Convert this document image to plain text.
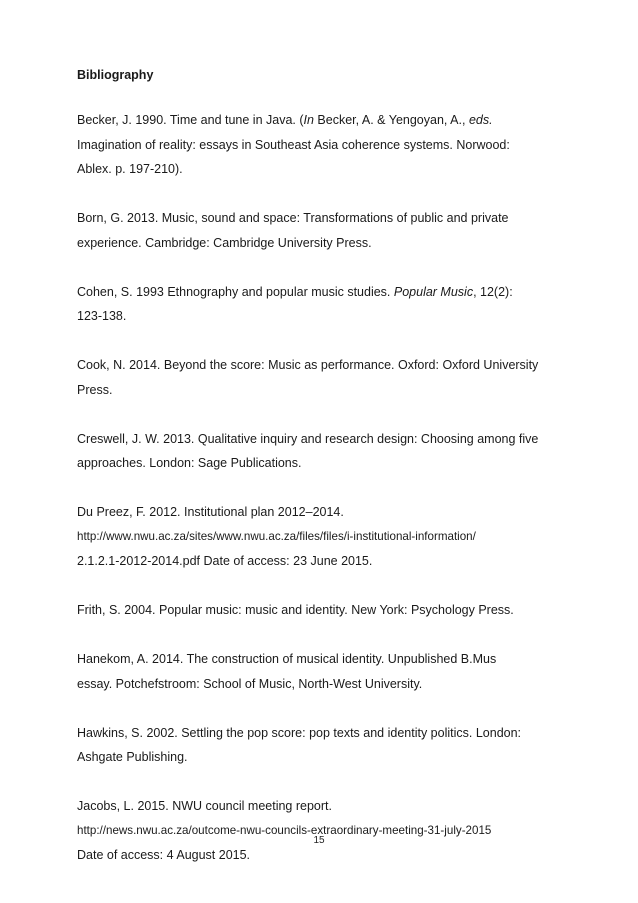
Bibliography
Becker, J. 1990. Time and tune in Java. (In Becker, A. & Yengoyan, A., eds.
Imagination of reality: essays in Southeast Asia coherence systems. Norwood:
Ablex. p. 197-210).
Born, G. 2013. Music, sound and space: Transformations of public and private
experience. Cambridge: Cambridge University Press.
Cohen, S. 1993 Ethnography and popular music studies. Popular Music, 12(2):
123-138.
Cook, N. 2014. Beyond the score: Music as performance. Oxford: Oxford University
Press.
Creswell, J. W. 2013. Qualitative inquiry and research design: Choosing among five
approaches. London: Sage Publications.
Du Preez, F. 2012. Institutional plan 2012–2014.
http://www.nwu.ac.za/sites/www.nwu.ac.za/files/files/i-institutional-information/
2.1.2.1-2012-2014.pdf Date of access: 23 June 2015.
Frith, S. 2004. Popular music: music and identity. New York: Psychology Press.
Hanekom, A. 2014. The construction of musical identity. Unpublished B.Mus
essay. Potchefstroom: School of Music, North-West University.
Hawkins, S. 2002. Settling the pop score: pop texts and identity politics. London:
Ashgate Publishing.
Jacobs, L. 2015. NWU council meeting report.
http://news.nwu.ac.za/outcome-nwu-councils-extraordinary-meeting-31-july-2015
Date of access: 4 August 2015.
15
